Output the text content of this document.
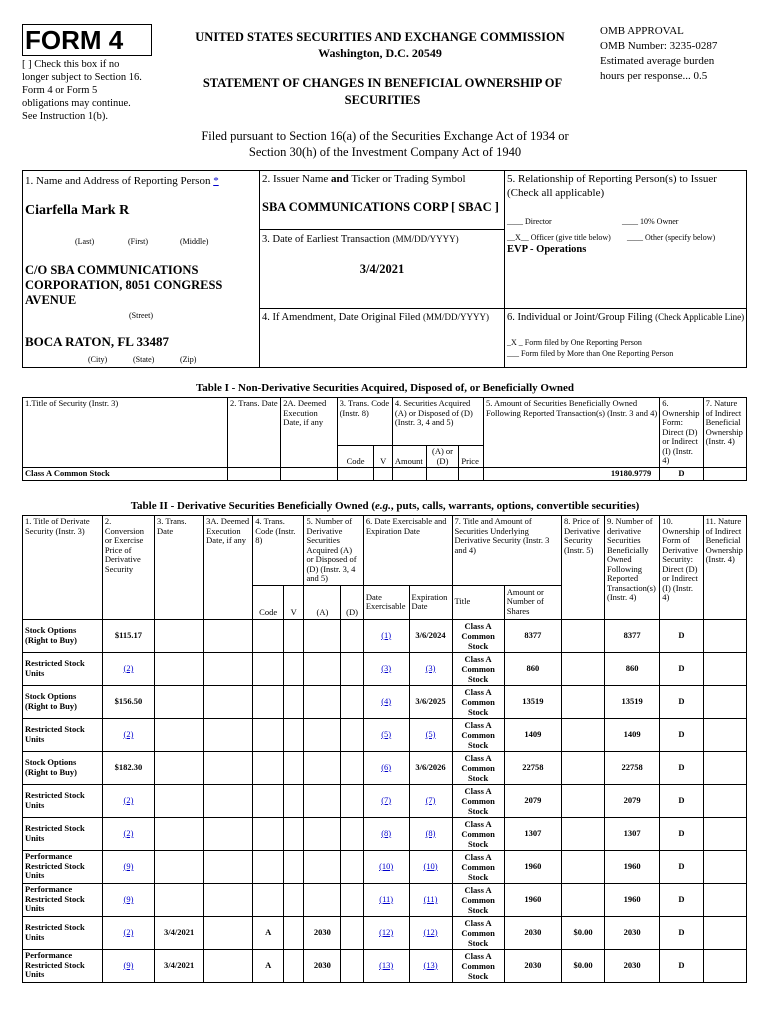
FORM 4
[ ] Check this box if no longer subject to Section 16. Form 4 or Form 5 obligations may continue. See Instruction 1(b).
UNITED STATES SECURITIES AND EXCHANGE COMMISSION
Washington, D.C. 20549
STATEMENT OF CHANGES IN BENEFICIAL OWNERSHIP OF SECURITIES
OMB APPROVAL
OMB Number: 3235-0287
Estimated average burden
hours per response... 0.5
Filed pursuant to Section 16(a) of the Securities Exchange Act of 1934 or
Section 30(h) of the Investment Company Act of 1940
1. Name and Address of Reporting Person *
Ciarfella Mark R
(Last)	(First)	(Middle)
C/O SBA COMMUNICATIONS CORPORATION, 8051 CONGRESS AVENUE
(Street)
BOCA RATON, FL 33487
(City)	(State)	(Zip)
2. Issuer Name and Ticker or Trading Symbol
SBA COMMUNICATIONS CORP [ SBAC ]
3. Date of Earliest Transaction (MM/DD/YYYY)
3/4/2021
4. If Amendment, Date Original Filed (MM/DD/YYYY)
5. Relationship of Reporting Person(s) to Issuer
(Check all applicable)
____ Director	____ 10% Owner
__X__ Officer (give title below) ____ Other (specify below)
EVP - Operations
6. Individual or Joint/Group Filing (Check Applicable Line)
_X _ Form filed by One Reporting Person
___ Form filed by More than One Reporting Person
Table I - Non-Derivative Securities Acquired, Disposed of, or Beneficially Owned
1.Title of Security (Instr. 3)	2. Trans. Date	2A. Deemed Execution Date, if any	3. Trans. Code (Instr. 8)		4. Securities Acquired (A) or Disposed of (D) (Instr. 3, 4 and 5)			5. Amount of Securities Beneficially Owned Following Reported Transaction(s) (Instr. 3 and 4)	6. Ownership Form: Direct (D) or Indirect (I) (Instr. 4)	7. Nature of Indirect Beneficial Ownership (Instr. 4)
			Code	V	Amount	(A) or (D)	Price			
Class A Common Stock								19180.9779	D	
Table II - Derivative Securities Beneficially Owned (e.g., puts, calls, warrants, options, convertible securities)
1. Title of Derivate Security (Instr. 3)	2. Conversion or Exercise Price of Derivative Security	3. Trans. Date	3A. Deemed Execution Date, if any	4. Trans. Code (Instr. 8)		5. Number of Derivative Securities Acquired (A) or Disposed of (D) (Instr. 3, 4 and 5)		6. Date Exercisable and Expiration Date		7. Title and Amount of Securities Underlying Derivative Security (Instr. 3 and 4)		8. Price of Derivative Security (Instr. 5)	9. Number of derivative Securities Beneficially Owned Following Reported Transaction(s) (Instr. 4)	10. Ownership Form of Derivative Security: Direct (D) or Indirect (I) (Instr. 4)	11. Nature of Indirect Beneficial Ownership (Instr. 4)
				Code	V	(A)	(D)	Date Exercisable	Expiration Date	Title	Amount or Number of Shares				
Stock Options (Right to Buy)	$115.17							(1)	3/6/2024	Class A Common Stock	8377		8377	D	
Restricted Stock Units	(2)							(3)	(3)	Class A Common Stock	860		860	D	
Stock Options (Right to Buy)	$156.50							(4)	3/6/2025	Class A Common Stock	13519		13519	D	
Restricted Stock Units	(2)							(5)	(5)	Class A Common Stock	1409		1409	D	
Stock Options (Right to Buy)	$182.30							(6)	3/6/2026	Class A Common Stock	22758		22758	D	
Restricted Stock Units	(2)							(7)	(7)	Class A Common Stock	2079		2079	D	
Restricted Stock Units	(2)							(8)	(8)	Class A Common Stock	1307		1307	D	
Performance Restricted Stock Units	(9)							(10)	(10)	Class A Common Stock	1960		1960	D	
Performance Restricted Stock Units	(9)							(11)	(11)	Class A Common Stock	1960		1960	D	
Restricted Stock Units	(2)	3/4/2021		A		2030		(12)	(12)	Class A Common Stock	2030	$0.00	2030	D	
Performance Restricted Stock Units	(9)	3/4/2021		A		2030		(13)	(13)	Class A Common Stock	2030	$0.00	2030	D	
